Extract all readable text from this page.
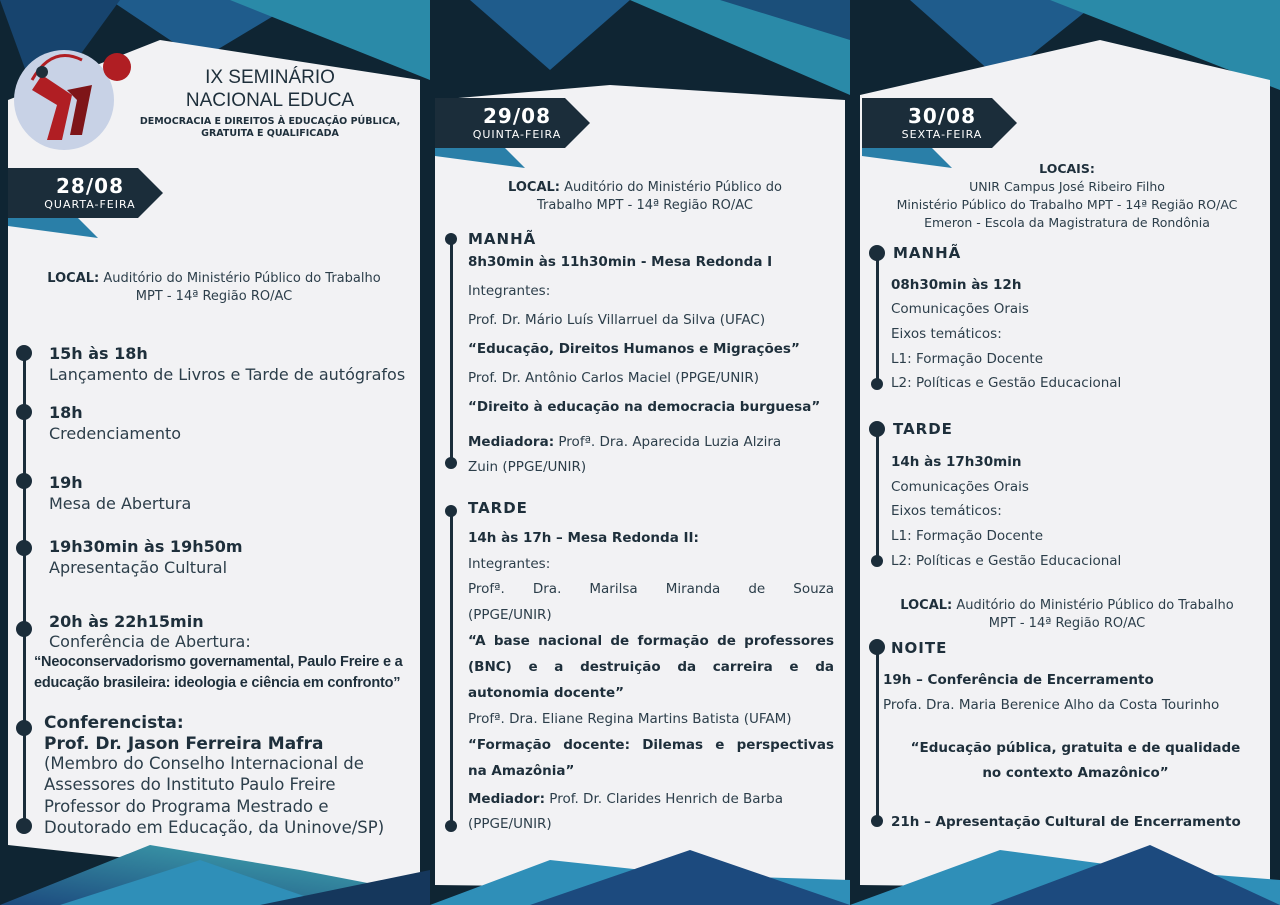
IX SEMINÁRIO
NACIONAL EDUCA
DEMOCRACIA E DIREITOS À EDUCAÇÃO PÚBLICA,
GRATUITA E QUALIFICADA
28/08
QUARTA-FEIRA
LOCAL: Auditório do Ministério Público do Trabalho
MPT - 14ª Região RO/AC
15h às 18h
Lançamento de Livros e Tarde de autógrafos
18h
Credenciamento
19h
Mesa de Abertura
19h30min às 19h50m
Apresentação Cultural
20h às 22h15min
Conferência de Abertura:
“Neoconservadorismo governamental, Paulo Freire e a
educação brasileira: ideologia e ciência em confronto”
Conferencista:
Prof. Dr. Jason Ferreira Mafra
(Membro do Conselho Internacional de
Assessores do Instituto Paulo Freire
Professor do Programa Mestrado e
Doutorado em Educação, da Uninove/SP)
29/08
QUINTA-FEIRA
LOCAL: Auditório do Ministério Público do
Trabalho MPT - 14ª Região RO/AC
MANHÃ
8h30min às 11h30min - Mesa Redonda I
Integrantes:
Prof. Dr. Mário Luís Villarruel da Silva (UFAC)
“Educação, Direitos Humanos e Migrações”
Prof. Dr. Antônio Carlos Maciel (PPGE/UNIR)
“Direito à educação na democracia burguesa”
Mediadora: Profª. Dra. Aparecida Luzia Alzira
Zuin (PPGE/UNIR)
TARDE
14h às 17h – Mesa Redonda II:
Integrantes:
Profª. Dra. Marilsa Miranda de Souza
(PPGE/UNIR)
“A base nacional de formação de professores
(BNC) e a destruição da carreira e da
autonomia docente”
Profª. Dra. Eliane Regina Martins Batista (UFAM)
“Formação docente: Dilemas e perspectivas
na Amazônia”
Mediador: Prof. Dr. Clarides Henrich de Barba
(PPGE/UNIR)
30/08
SEXTA-FEIRA
LOCAIS:
UNIR Campus José Ribeiro Filho
Ministério Público do Trabalho MPT - 14ª Região RO/AC
Emeron - Escola da Magistratura de Rondônia
MANHÃ
08h30min às 12h
Comunicações Orais
Eixos temáticos:
L1: Formação Docente
L2: Políticas e Gestão Educacional
TARDE
14h às 17h30min
Comunicações Orais
Eixos temáticos:
L1: Formação Docente
L2: Políticas e Gestão Educacional
LOCAL: Auditório do Ministério Público do Trabalho
MPT - 14ª Região RO/AC
NOITE
19h – Conferência de Encerramento
Profa. Dra. Maria Berenice Alho da Costa Tourinho
“Educação pública, gratuita e de qualidade
no contexto Amazônico”
21h – Apresentação Cultural de Encerramento
